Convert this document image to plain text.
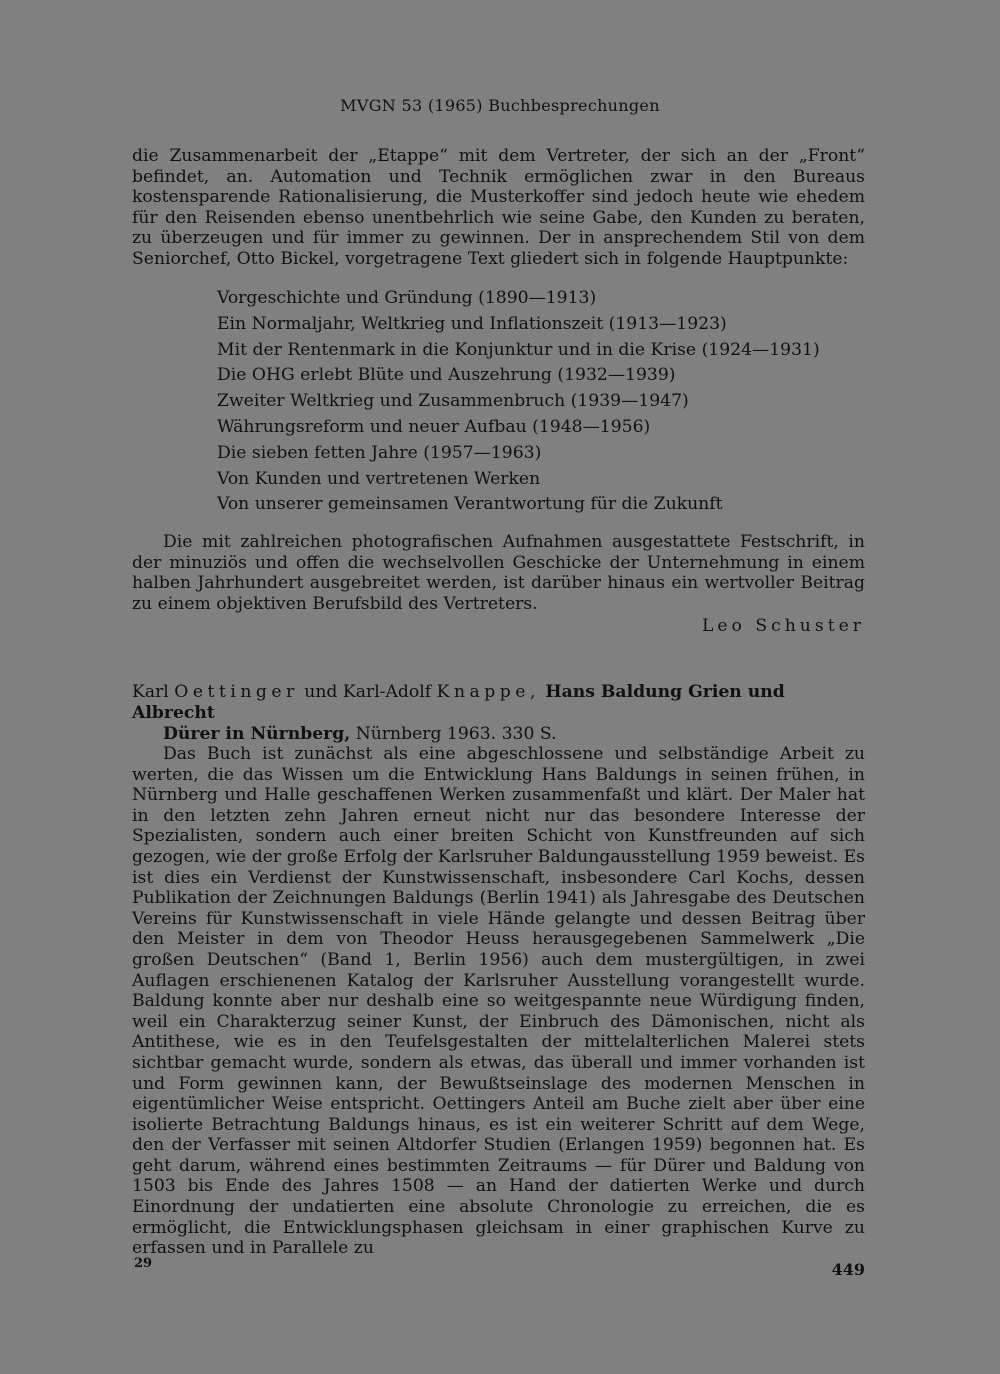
MVGN 53 (1965) Buchbesprechungen

die Zusammenarbeit der „Etappe“ mit dem Vertreter, der sich an der „Front“ befindet, an. Automation und Technik ermöglichen zwar in den Bureaus kostensparende Rationalisierung, die Musterkoffer sind jedoch heute wie ehedem für den Reisenden ebenso unentbehrlich wie seine Gabe, den Kunden zu beraten, zu überzeugen und für immer zu gewinnen. Der in ansprechendem Stil von dem Seniorchef, Otto Bickel, vorgetragene Text gliedert sich in folgende Hauptpunkte:

Vorgeschichte und Gründung (1890—1913)
Ein Normaljahr, Weltkrieg und Inflationszeit (1913—1923)
Mit der Rentenmark in die Konjunktur und in die Krise (1924—1931)
Die OHG erlebt Blüte und Auszehrung (1932—1939)
Zweiter Weltkrieg und Zusammenbruch (1939—1947)
Währungsreform und neuer Aufbau (1948—1956)
Die sieben fetten Jahre (1957—1963)
Von Kunden und vertretenen Werken
Von unserer gemeinsamen Verantwortung für die Zukunft

Die mit zahlreichen photografischen Aufnahmen ausgestattete Festschrift, in der minuziös und offen die wechselvollen Geschicke der Unternehmung in einem halben Jahrhundert ausgebreitet werden, ist darüber hinaus ein wertvoller Beitrag zu einem objektiven Berufsbild des Vertreters.

Leo Schuster
Karl Oettinger und Karl-Adolf Knappe, Hans Baldung Grien und Albrecht
Dürer in Nürnberg, Nürnberg 1963. 330 S.

Das Buch ist zunächst als eine abgeschlossene und selbständige Arbeit zu werten, die das Wissen um die Entwicklung Hans Baldungs in seinen frühen, in Nürnberg und Halle geschaffenen Werken zusammenfaßt und klärt. Der Maler hat in den letzten zehn Jahren erneut nicht nur das besondere Interesse der Spezialisten, sondern auch einer breiten Schicht von Kunstfreunden auf sich gezogen, wie der große Erfolg der Karlsruher Baldungausstellung 1959 beweist. Es ist dies ein Verdienst der Kunstwissenschaft, insbesondere Carl Kochs, dessen Publikation der Zeichnungen Baldungs (Berlin 1941) als Jahresgabe des Deutschen Vereins für Kunstwissenschaft in viele Hände gelangte und dessen Beitrag über den Meister in dem von Theodor Heuss herausgegebenen Sammelwerk „Die großen Deutschen“ (Band 1, Berlin 1956) auch dem mustergültigen, in zwei Auflagen erschienenen Katalog der Karlsruher Ausstellung vorangestellt wurde. Baldung konnte aber nur deshalb eine so weitgespannte neue Würdigung finden, weil ein Charakterzug seiner Kunst, der Einbruch des Dämonischen, nicht als Antithese, wie es in den Teufelsgestalten der mittelalterlichen Malerei stets sichtbar gemacht wurde, sondern als etwas, das überall und immer vorhanden ist und Form gewinnen kann, der Bewußtseinslage des modernen Menschen in eigentümlicher Weise entspricht. Oettingers Anteil am Buche zielt aber über eine isolierte Betrachtung Baldungs hinaus, es ist ein weiterer Schritt auf dem Wege, den der Verfasser mit seinen Altdorfer Studien (Erlangen 1959) begonnen hat. Es geht darum, während eines bestimmten Zeitraums — für Dürer und Baldung von 1503 bis Ende des Jahres 1508 — an Hand der datierten Werke und durch Einordnung der undatierten eine absolute Chronologie zu erreichen, die es ermöglicht, die Entwicklungsphasen gleichsam in einer graphischen Kurve zu erfassen und in Parallele zu

29	449
